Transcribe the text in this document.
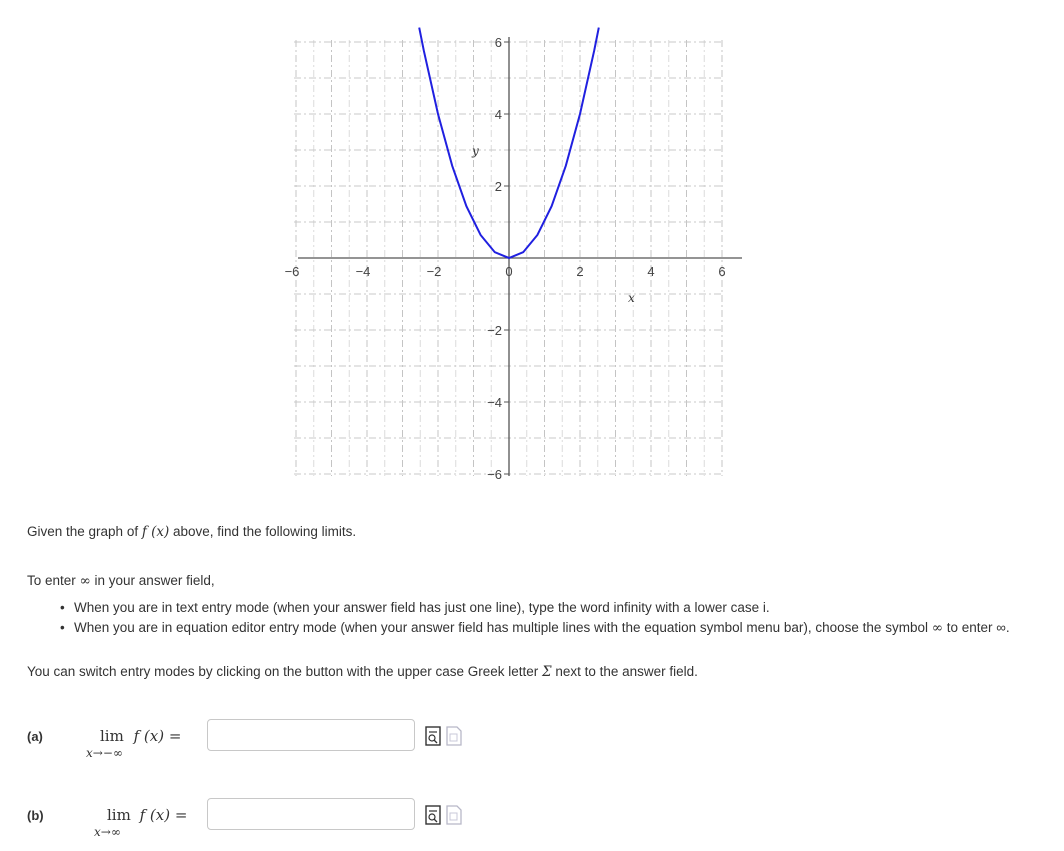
−6	−4	−2	0	2	4	6
6
4
2
−2
−4
−6
x
y
Given the graph of f (x) above, find the following limits.
To enter ∞ in your answer field,
• When you are in text entry mode (when your answer field has just one line), type the word infinity with a lower case i.
• When you are in equation editor entry mode (when your answer field has multiple lines with the equation symbol menu bar), choose the symbol ∞ to enter ∞.
You can switch entry modes by clicking on the button with the upper case Greek letter Σ next to the answer field.
(a)	lim f (x) =
x→−∞
(b)	lim f (x) =
x→∞
